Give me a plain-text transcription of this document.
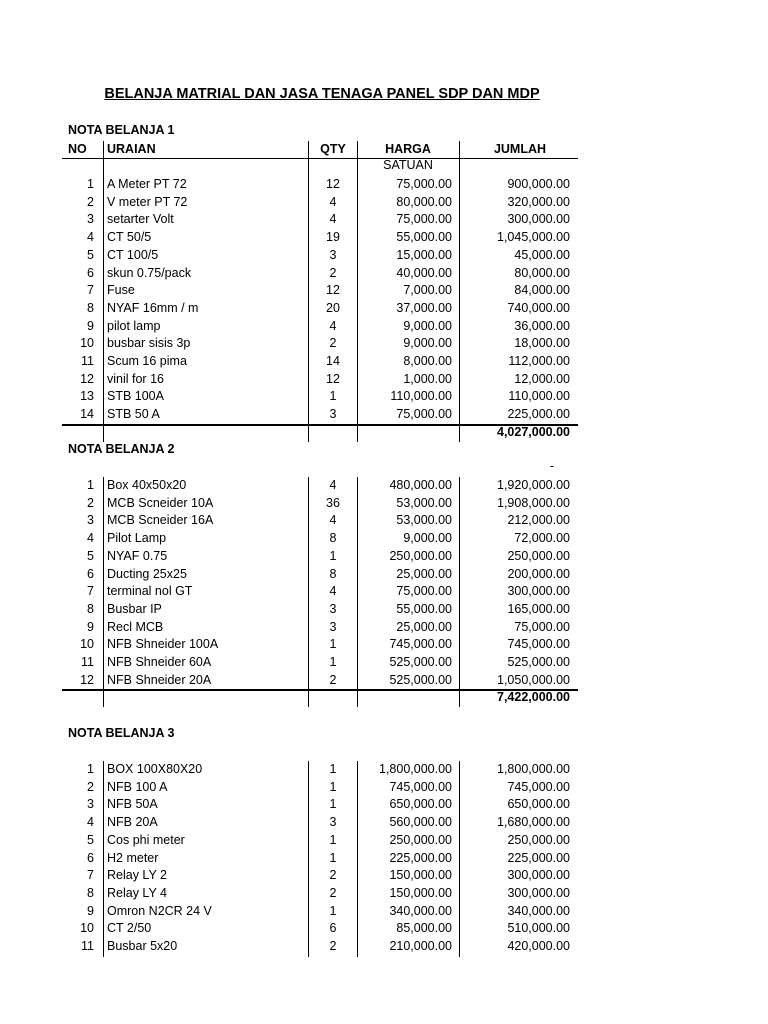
BELANJA MATRIAL DAN JASA TENAGA PANEL SDP DAN MDP
NOTA BELANJA 1
NO URAIAN	QTY	HARGA	JUMLAH
SATUAN
1 A Meter PT 72	12	75,000.00	900,000.00
2 V meter PT 72	4	80,000.00	320,000.00
3 setarter Volt	4	75,000.00	300,000.00
4 CT 50/5	19	55,000.00	1,045,000.00
5 CT 100/5	3	15,000.00	45,000.00
6 skun 0.75/pack	2	40,000.00	80,000.00
7 Fuse	12	7,000.00	84,000.00
8 NYAF 16mm / m	20	37,000.00	740,000.00
9 pilot lamp	4	9,000.00	36,000.00
10 busbar sisis 3p	2	9,000.00	18,000.00
11 Scum 16 pima	14	8,000.00	112,000.00
12 vinil for 16	12	1,000.00	12,000.00
13 STB 100A	1	110,000.00	110,000.00
14 STB 50 A	3	75,000.00	225,000.00
4,027,000.00
NOTA BELANJA 2
-
1 Box 40x50x20	4	480,000.00	1,920,000.00
2 MCB Scneider 10A	36	53,000.00	1,908,000.00
3 MCB Scneider 16A	4	53,000.00	212,000.00
4 Pilot Lamp	8	9,000.00	72,000.00
5 NYAF 0.75	1	250,000.00	250,000.00
6 Ducting 25x25	8	25,000.00	200,000.00
7 terminal nol GT	4	75,000.00	300,000.00
8 Busbar IP	3	55,000.00	165,000.00
9 Recl MCB	3	25,000.00	75,000.00
10 NFB Shneider 100A	1	745,000.00	745,000.00
11 NFB Shneider 60A	1	525,000.00	525,000.00
12 NFB Shneider 20A	2	525,000.00	1,050,000.00
7,422,000.00
NOTA BELANJA 3
1 BOX 100X80X20	1	1,800,000.00	1,800,000.00
2 NFB 100 A	1	745,000.00	745,000.00
3 NFB 50A	1	650,000.00	650,000.00
4 NFB 20A	3	560,000.00	1,680,000.00
5 Cos phi meter	1	250,000.00	250,000.00
6 H2 meter	1	225,000.00	225,000.00
7 Relay LY 2	2	150,000.00	300,000.00
8 Relay LY 4	2	150,000.00	300,000.00
9 Omron N2CR 24 V	1	340,000.00	340,000.00
10 CT 2/50	6	85,000.00	510,000.00
11 Busbar 5x20	2	210,000.00	420,000.00
